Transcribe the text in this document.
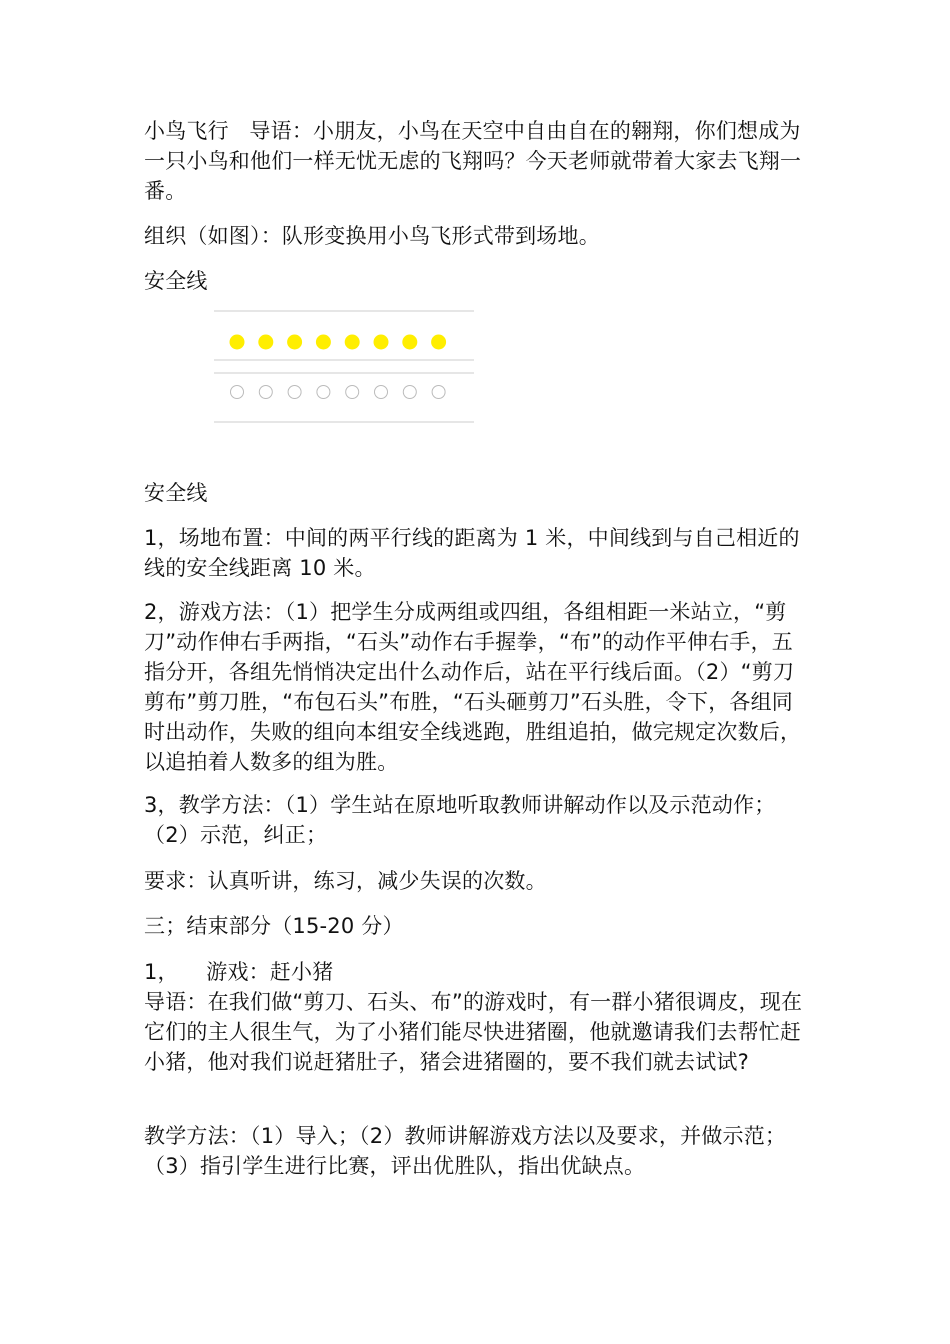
小鸟飞行   导语：小朋友，小鸟在天空中自由自在的翱翔，你们想成为一只小鸟和他们一样无忧无虑的飞翔吗？今天老师就带着大家去飞翔一番。
组织（如图）：队形变换用小鸟飞形式带到场地。
安全线
安全线
1，场地布置：中间的两平行线的距离为 1 米，中间线到与自己相近的线的安全线距离 10 米。
2，游戏方法：（1）把学生分成两组或四组，各组相距一米站立，“剪刀”动作伸右手两指，“石头”动作右手握拳，“布”的动作平伸右手，五指分开，各组先悄悄决定出什么动作后，站在平行线后面。（2）“剪刀剪布”剪刀胜，“布包石头”布胜，“石头砸剪刀”石头胜，令下，各组同时出动作，失败的组向本组安全线逃跑，胜组追拍，做完规定次数后，以追拍着人数多的组为胜。
3，教学方法：（1）学生站在原地听取教师讲解动作以及示范动作；（2）示范，纠正；
要求：认真听讲，练习，减少失误的次数。
三；结束部分（15-20 分）
1，    游戏：赶小猪
导语：在我们做“剪刀、石头、布”的游戏时，有一群小猪很调皮，现在它们的主人很生气，为了小猪们能尽快进猪圈，他就邀请我们去帮忙赶小猪，他对我们说赶猪肚子，猪会进猪圈的，要不我们就去试试?
教学方法：（1）导入；（2）教师讲解游戏方法以及要求，并做示范；（3）指引学生进行比赛，评出优胜队，指出优缺点。
